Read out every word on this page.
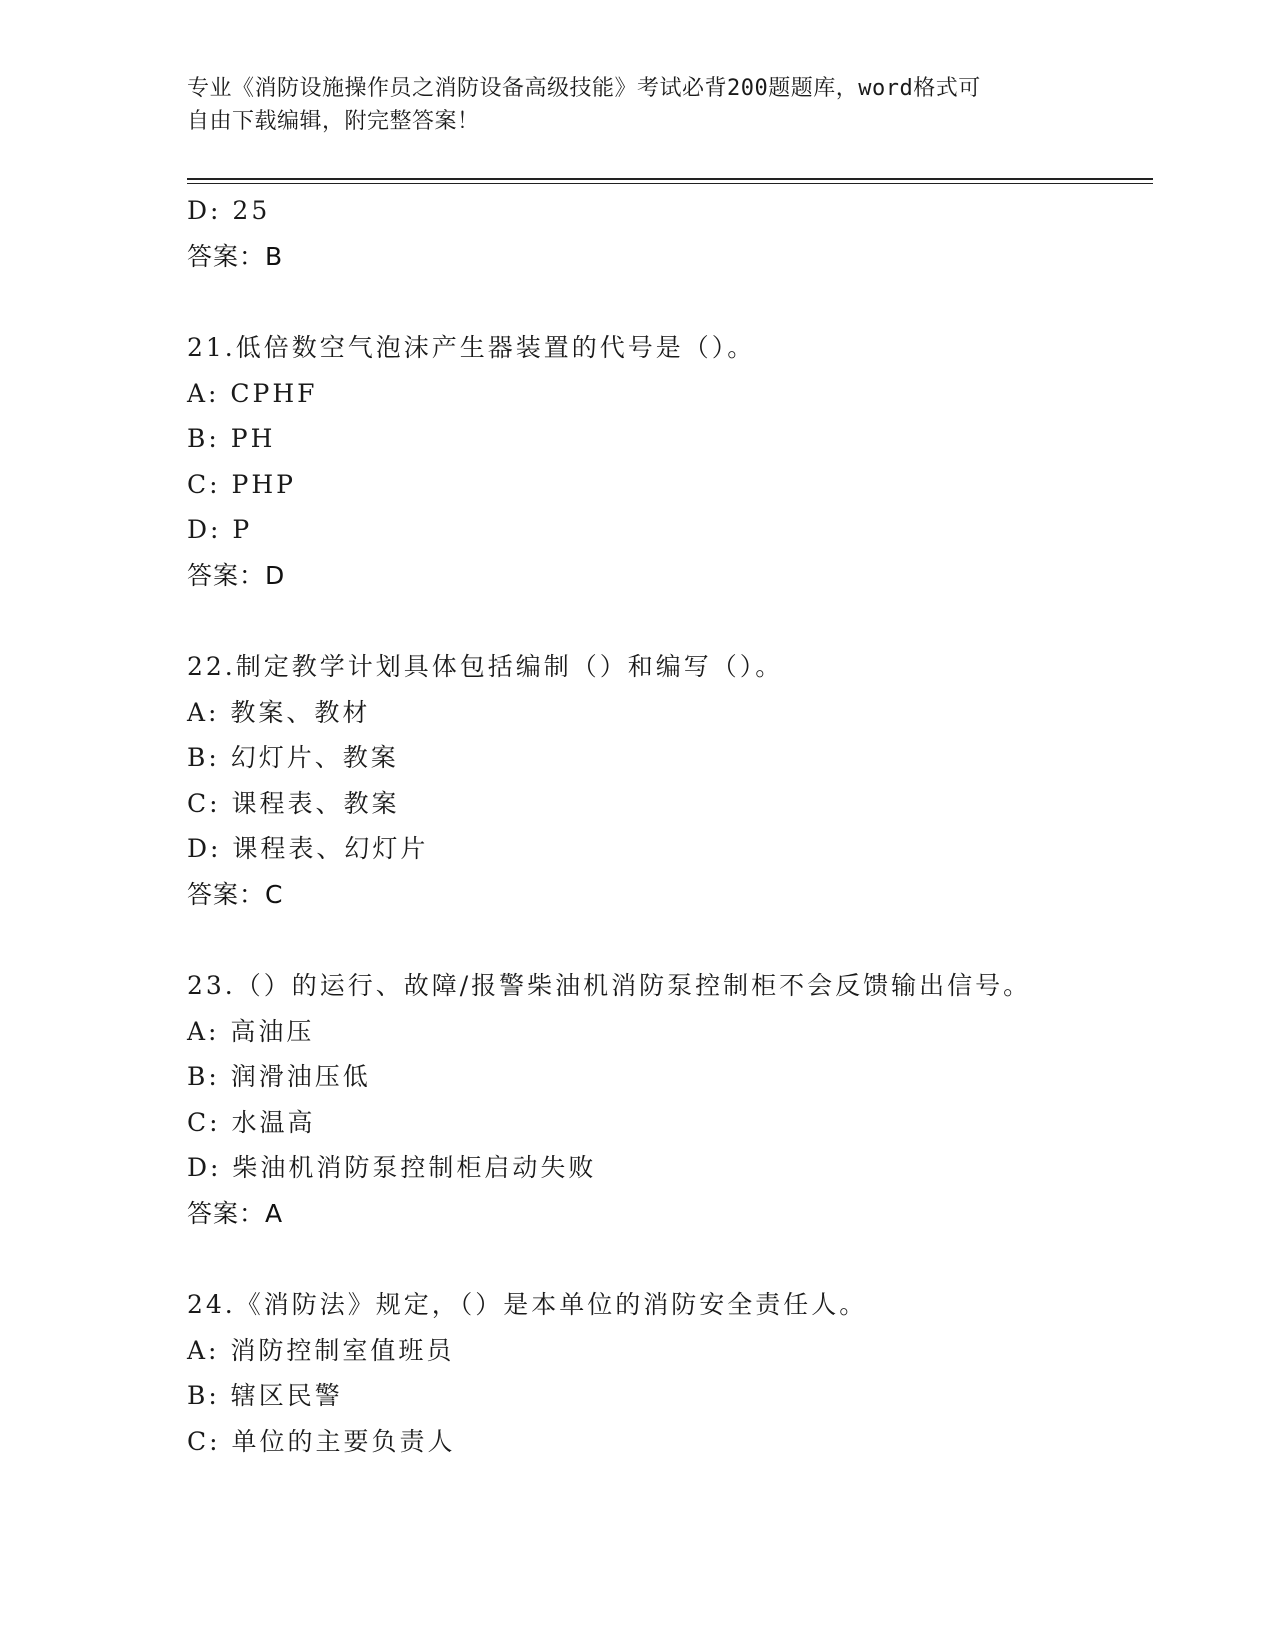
专业《消防设施操作员之消防设备高级技能》考试必背200题题库，word格式可
自由下载编辑，附完整答案！
D: 25
答案：B
21.低倍数空气泡沫产生器装置的代号是（）。
A: CPHF
B: PH
C: PHP
D: P
答案：D
22.制定教学计划具体包括编制（）和编写（）。
A: 教案、教材
B: 幻灯片、教案
C: 课程表、教案
D: 课程表、幻灯片
答案：C
23.（）的运行、故障/报警柴油机消防泵控制柜不会反馈输出信号。
A: 高油压
B: 润滑油压低
C: 水温高
D: 柴油机消防泵控制柜启动失败
答案：A
24.《消防法》规定，（）是本单位的消防安全责任人。
A: 消防控制室值班员
B: 辖区民警
C: 单位的主要负责人
